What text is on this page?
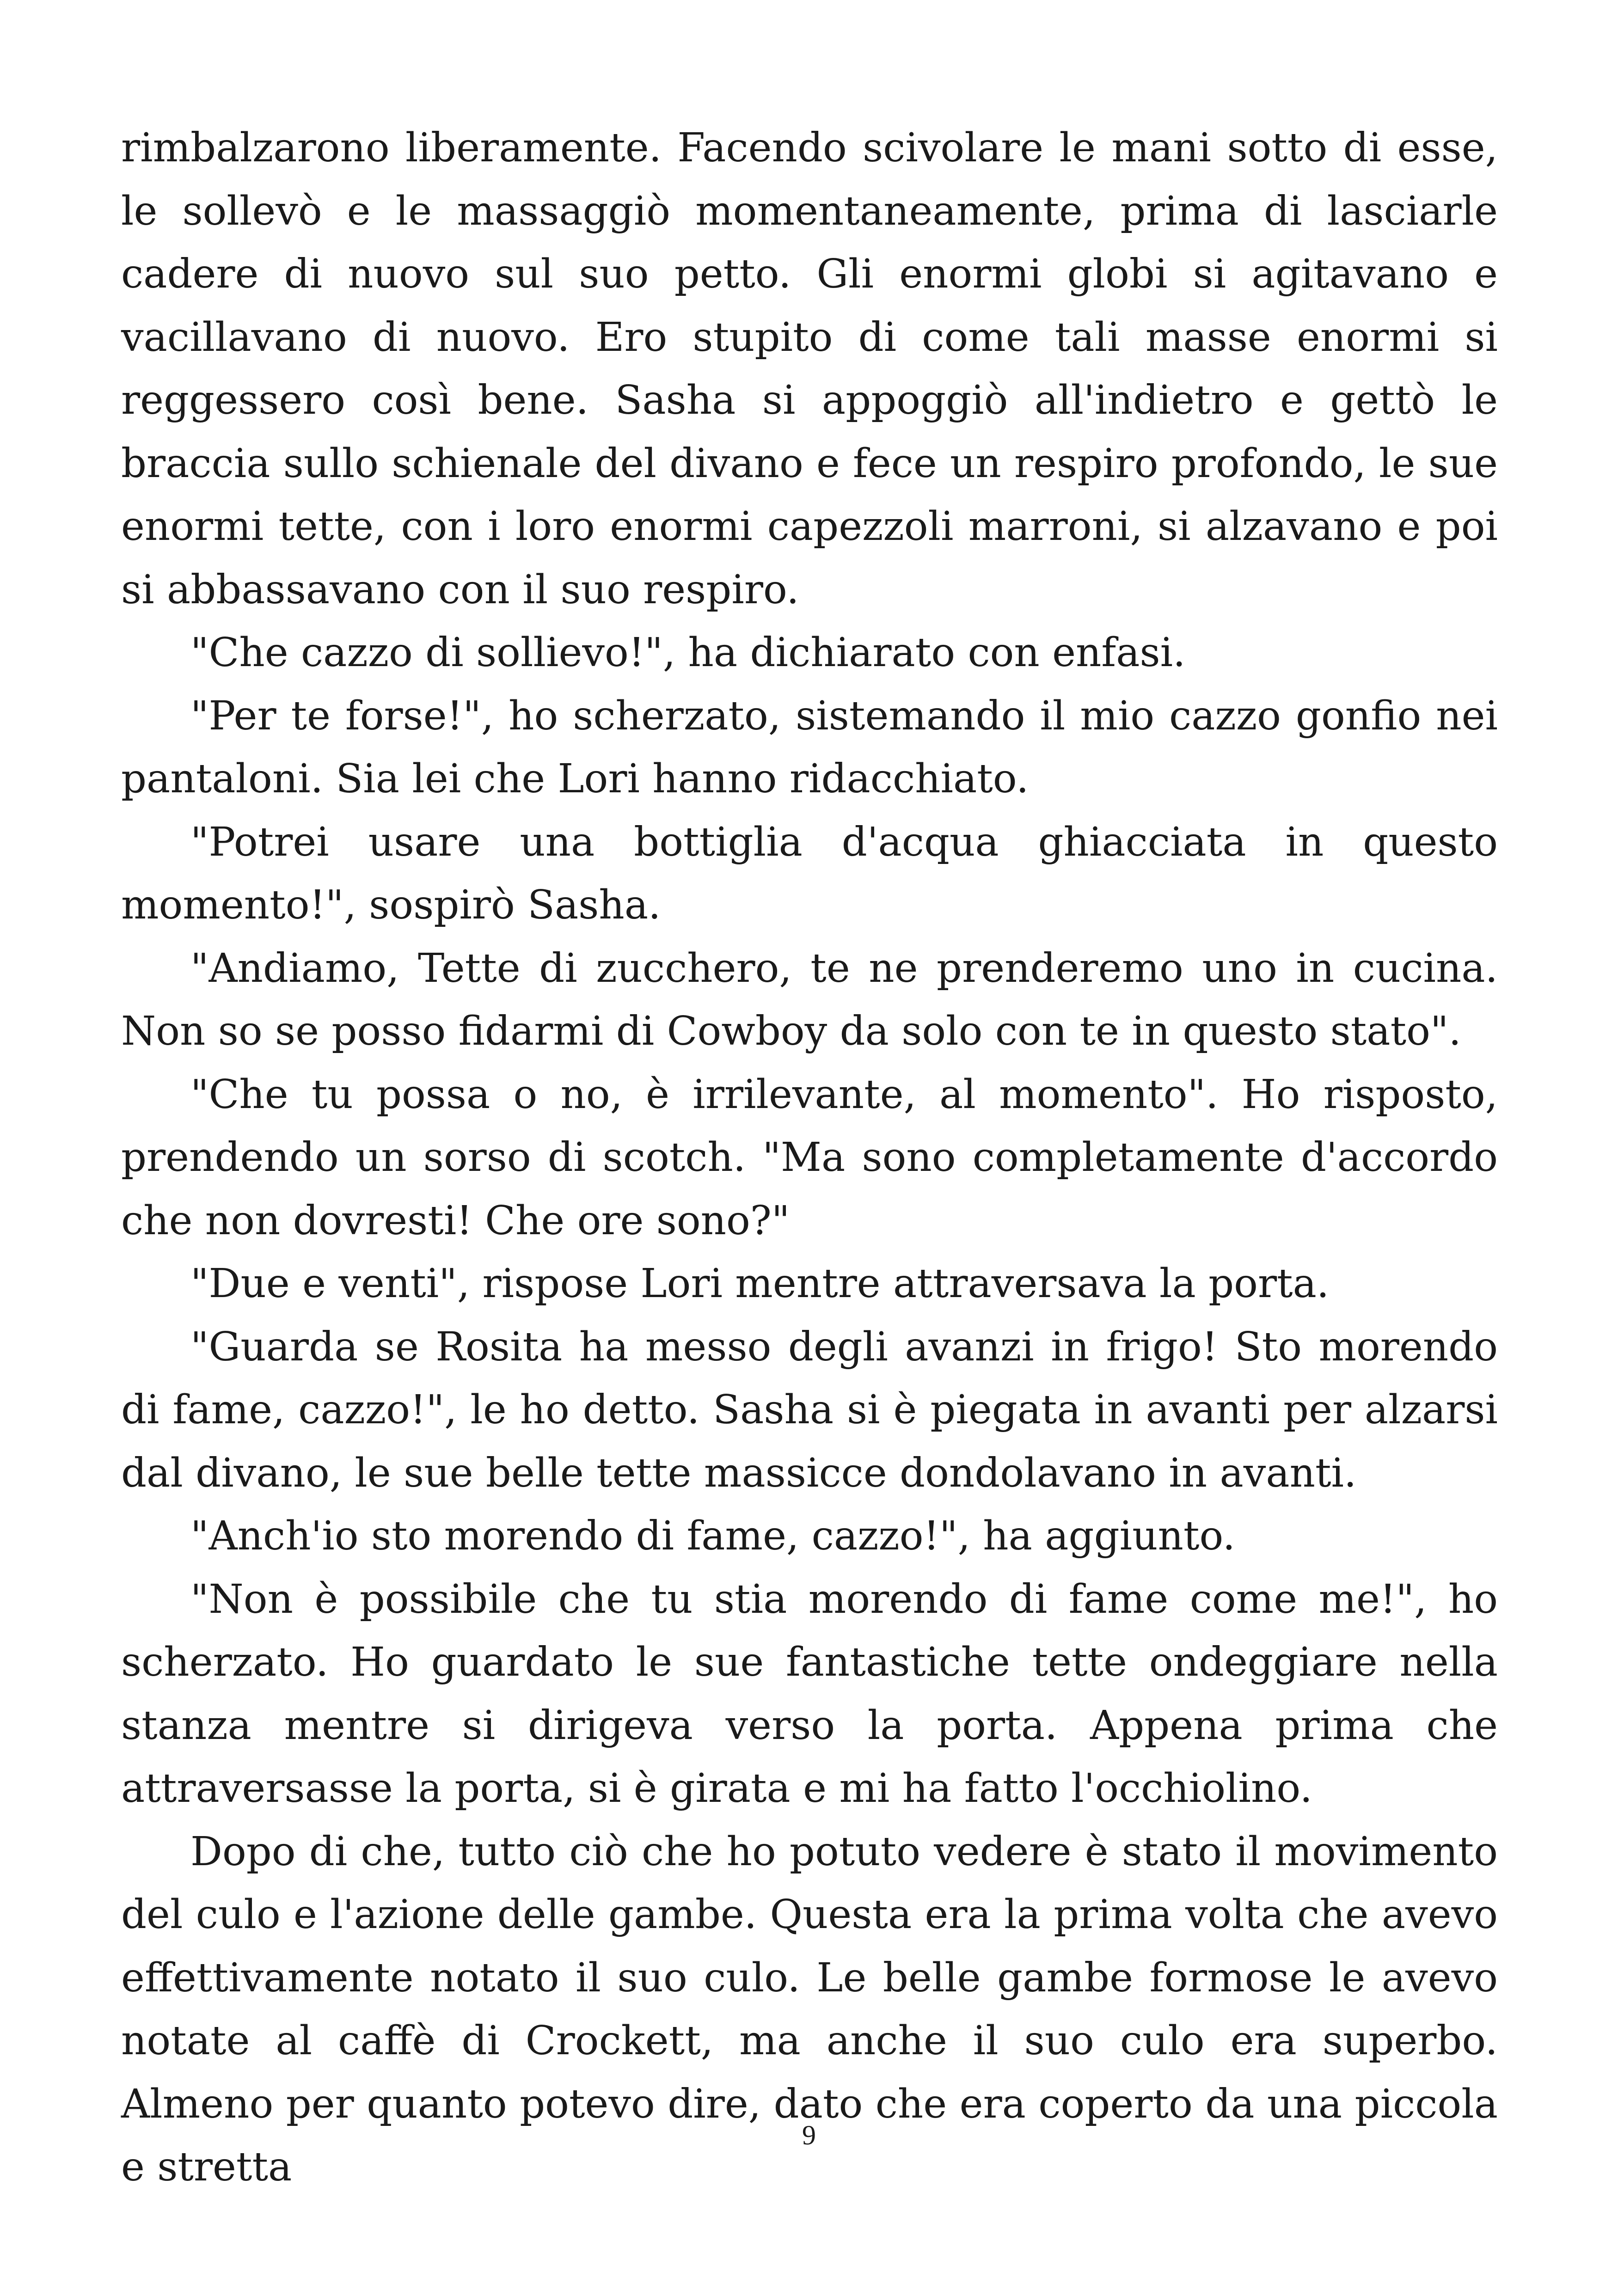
rimbalzarono liberamente. Facendo scivolare le mani sotto di esse, le sollevò e le massaggiò momentaneamente, prima di lasciarle cadere di nuovo sul suo petto. Gli enormi globi si agitavano e vacillavano di nuovo. Ero stupito di come tali masse enormi si reggessero così bene. Sasha si appoggiò all'indietro e gettò le braccia sullo schienale del divano e fece un respiro profondo, le sue enormi tette, con i loro enormi capezzoli marroni, si alzavano e poi si abbassavano con il suo respiro.

"Che cazzo di sollievo!", ha dichiarato con enfasi.

"Per te forse!", ho scherzato, sistemando il mio cazzo gonfio nei pantaloni. Sia lei che Lori hanno ridacchiato.

"Potrei usare una bottiglia d'acqua ghiacciata in questo momento!", sospirò Sasha.

"Andiamo, Tette di zucchero, te ne prenderemo uno in cucina. Non so se posso fidarmi di Cowboy da solo con te in questo stato".

"Che tu possa o no, è irrilevante, al momento". Ho risposto, prendendo un sorso di scotch. "Ma sono completamente d'accordo che non dovresti! Che ore sono?"

"Due e venti", rispose Lori mentre attraversava la porta.

"Guarda se Rosita ha messo degli avanzi in frigo! Sto morendo di fame, cazzo!", le ho detto. Sasha si è piegata in avanti per alzarsi dal divano, le sue belle tette massicce dondolavano in avanti.

"Anch'io sto morendo di fame, cazzo!", ha aggiunto.

"Non è possibile che tu stia morendo di fame come me!", ho scherzato. Ho guardato le sue fantastiche tette ondeggiare nella stanza mentre si dirigeva verso la porta. Appena prima che attraversasse la porta, si è girata e mi ha fatto l'occhiolino.

Dopo di che, tutto ciò che ho potuto vedere è stato il movimento del culo e l'azione delle gambe. Questa era la prima volta che avevo effettivamente notato il suo culo. Le belle gambe formose le avevo notate al caffè di Crockett, ma anche il suo culo era superbo. Almeno per quanto potevo dire, dato che era coperto da una piccola e stretta

9
